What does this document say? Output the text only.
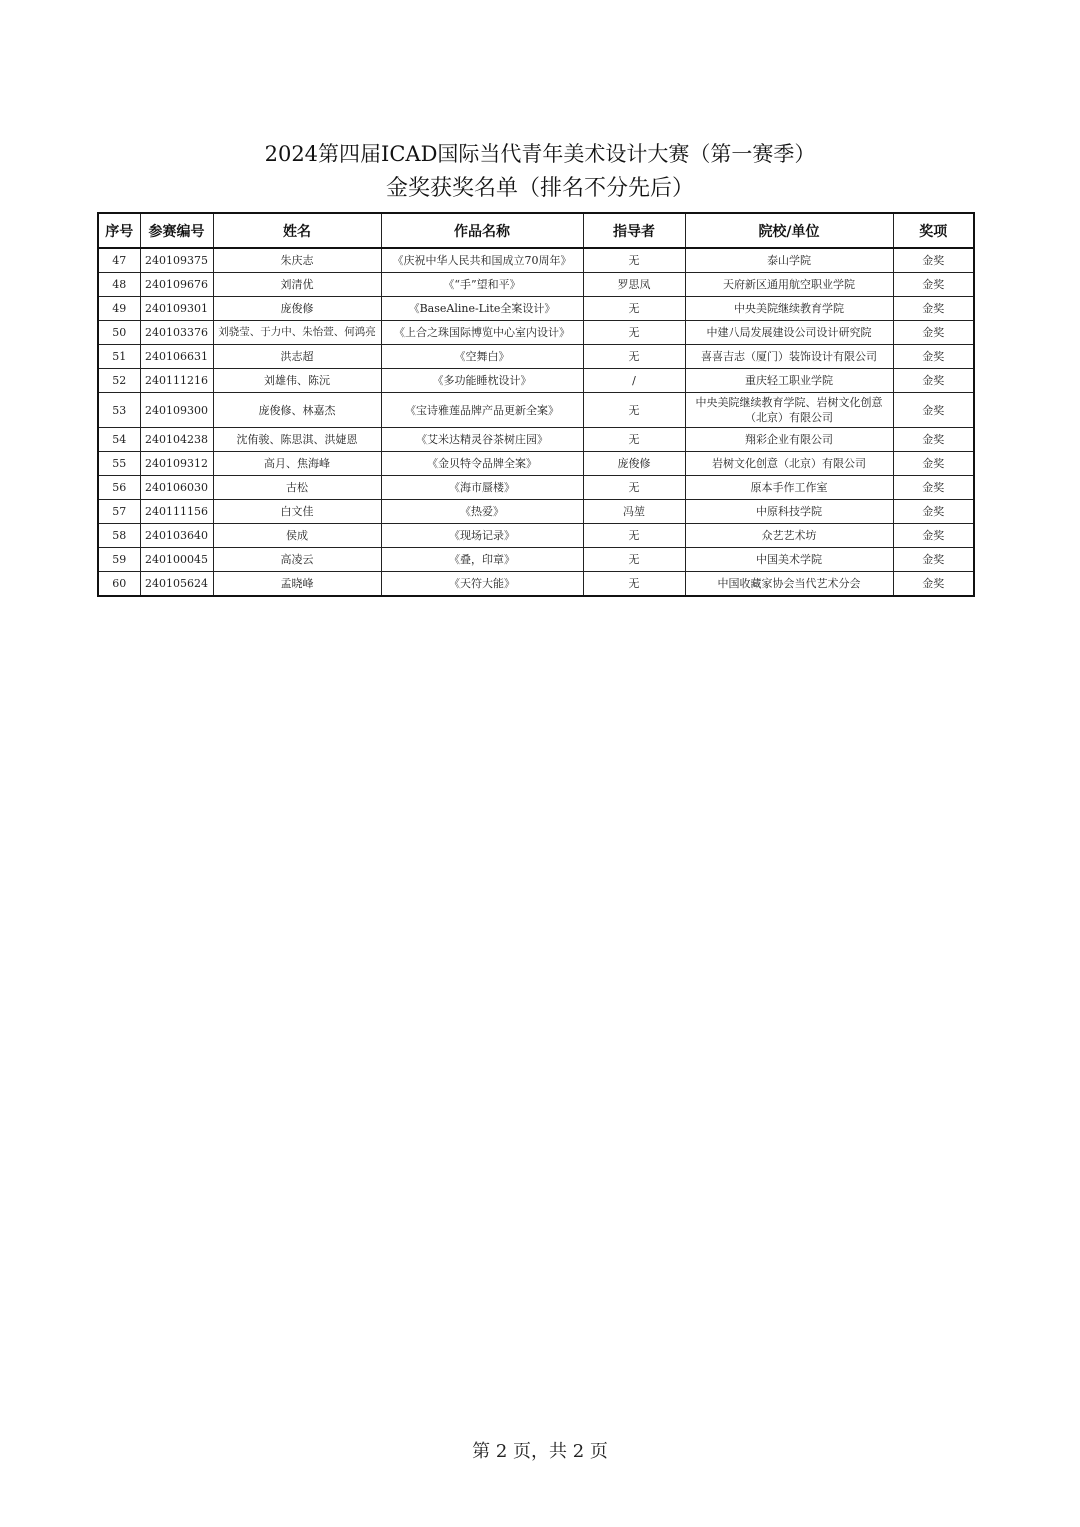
2024第四届ICAD国际当代青年美术设计大赛（第一赛季）
金奖获奖名单（排名不分先后）
序号	参赛编号	姓名	作品名称	指导者	院校/单位	奖项
47	240109375	朱庆志	《庆祝中华人民共和国成立70周年》	无	泰山学院	金奖
48	240109676	刘清优	《“手”望和平》	罗思凤	天府新区通用航空职业学院	金奖
49	240109301	庞俊修	《BaseAline-Lite全案设计》	无	中央美院继续教育学院	金奖
50	240103376	刘骁莹、于力中、朱怡萱、何鸿亮	《上合之珠国际博览中心室内设计》	无	中建八局发展建设公司设计研究院	金奖
51	240106631	洪志超	《空舞白》	无	喜喜吉志（厦门）装饰设计有限公司	金奖
52	240111216	刘雄伟、陈沅	《多功能睡枕设计》	/	重庆轻工职业学院	金奖
53	240109300	庞俊修、林嘉杰	《宝诗雅莲品牌产品更新全案》	无	中央美院继续教育学院、岩树文化创意（北京）有限公司	金奖
54	240104238	沈侑骏、陈思淇、洪婕恩	《艾米达精灵谷茶树庄园》	无	翔彩企业有限公司	金奖
55	240109312	高月、焦海峰	《金贝特令品牌全案》	庞俊修	岩树文化创意（北京）有限公司	金奖
56	240106030	古松	《海市蜃楼》	无	原本手作工作室	金奖
57	240111156	白文佳	《热爱》	冯堃	中原科技学院	金奖
58	240103640	侯成	《现场记录》	无	众艺艺术坊	金奖
59	240100045	高凌云	《叠，印章》	无	中国美术学院	金奖
60	240105624	孟晓峰	《天符大能》	无	中国收藏家协会当代艺术分会	金奖
第 2 页，共 2 页
